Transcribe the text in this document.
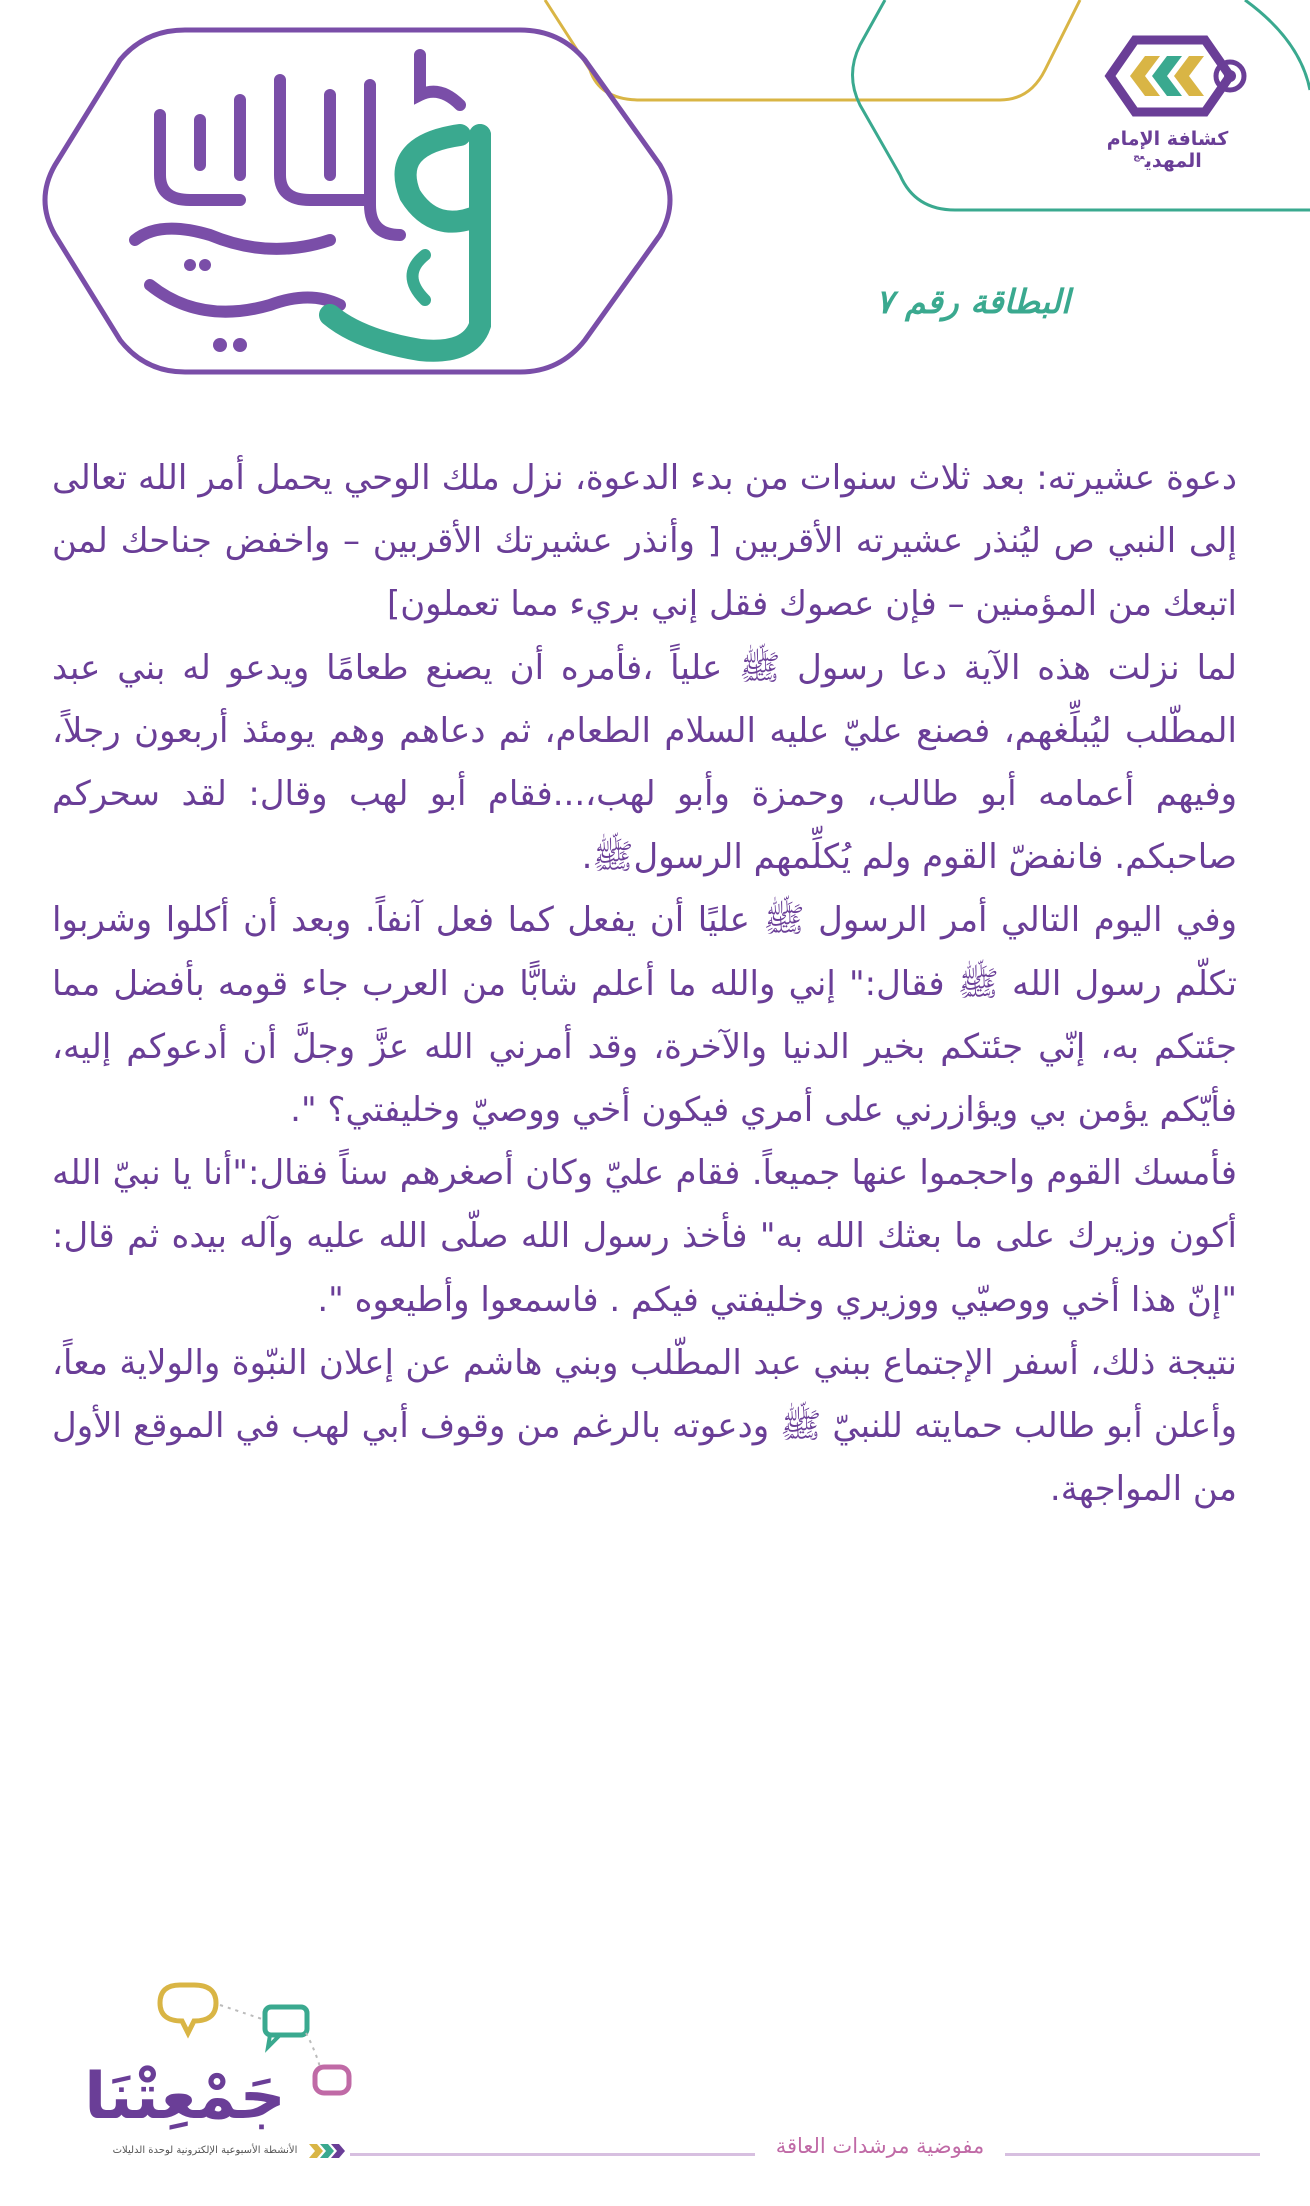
كشافة الإمام المهدي$^{عج}$
البطاقة رقم ٧

دعوة عشيرته: بعد ثلاث سنوات من بدء الدعوة، نزل ملك الوحي يحمل أمر الله تعالى إلى النبي ص ليُنذر عشيرته الأقربين [ وأنذر عشيرتك الأقربين – واخفض جناحك لمن اتبعك من المؤمنين – فإن عصوك فقل إني بريء مما تعملون]

لما نزلت هذه الآية دعا رسول ﷺ علياً ،فأمره أن يصنع طعامًا ويدعو له بني عبد المطّلب ليُبلِّغهم، فصنع عليّ عليه السلام الطعام، ثم دعاهم وهم يومئذ أربعون رجلاً، وفيهم أعمامه أبو طالب، وحمزة وأبو لهب،...فقام أبو لهب وقال: لقد سحركم صاحبكم. فانفضّ القوم ولم يُكلِّمهم الرسولﷺ.

وفي اليوم التالي أمر الرسول ﷺ عليًا أن يفعل كما فعل آنفاً. وبعد أن أكلوا وشربوا تكلّم رسول الله ﷺ فقال:" إني والله ما أعلم شابًّا من العرب جاء قومه بأفضل مما جئتكم به، إنّي جئتكم بخير الدنيا والآخرة، وقد أمرني الله عزَّ وجلَّ أن أدعوكم إليه، فأيّكم يؤمن بي ويؤازرني على أمري فيكون أخي ووصيّ وخليفتي؟ ".

فأمسك القوم واحجموا عنها جميعاً. فقام عليّ وكان أصغرهم سناً فقال:"أنا يا نبيّ الله أكون وزيرك على ما بعثك الله به" فأخذ رسول الله صلّى الله عليه وآله بيده ثم قال: "إنّ هذا أخي ووصيّي ووزيري وخليفتي فيكم . فاسمعوا وأطيعوه ".

نتيجة ذلك، أسفر الإجتماع ببني عبد المطّلب وبني هاشم عن إعلان النبّوة والولاية معاً، وأعلن أبو طالب حمايته للنبيّ ﷺ ودعوته بالرغم من وقوف أبي لهب في الموقع الأول من المواجهة.

جَمْعِتْنَا
الأنشطة الأسبوعية الإلكترونية لوحدة الدليلات	مفوضية مرشدات العاقة
